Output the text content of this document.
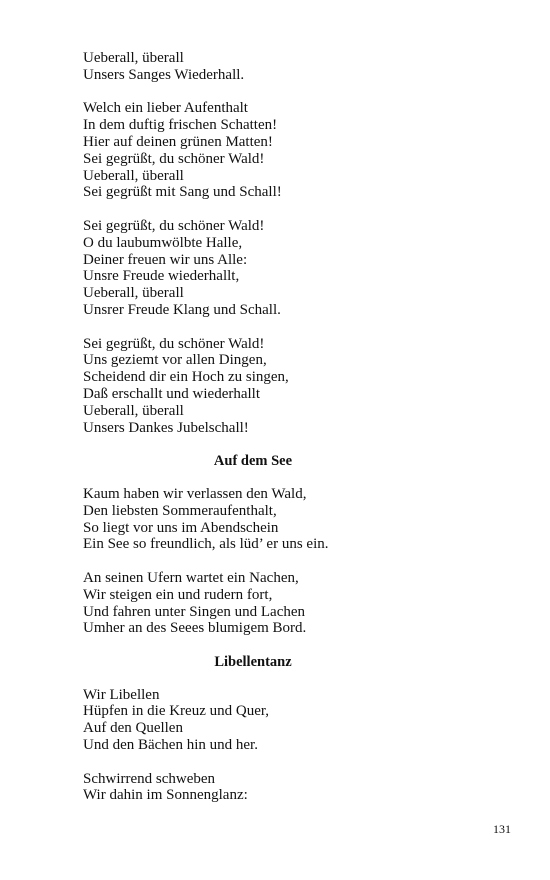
Ueberall, überall
Unsers Sanges Wiederhall.
Welch ein lieber Aufenthalt
In dem duftig frischen Schatten!
Hier auf deinen grünen Matten!
Sei gegrüßt, du schöner Wald!
Ueberall, überall
Sei gegrüßt mit Sang und Schall!
Sei gegrüßt, du schöner Wald!
O du laubumwölbte Halle,
Deiner freuen wir uns Alle:
Unsre Freude wiederhallt,
Ueberall, überall
Unsrer Freude Klang und Schall.
Sei gegrüßt, du schöner Wald!
Uns geziemt vor allen Dingen,
Scheidend dir ein Hoch zu singen,
Daß erschallt und wiederhallt
Ueberall, überall
Unsers Dankes Jubelschall!
Auf dem See
Kaum haben wir verlassen den Wald,
Den liebsten Sommeraufenthalt,
So liegt vor uns im Abendschein
Ein See so freundlich, als lüd’ er uns ein.
An seinen Ufern wartet ein Nachen,
Wir steigen ein und rudern fort,
Und fahren unter Singen und Lachen
Umher an des Seees blumigem Bord.
Libellentanz
Wir Libellen
Hüpfen in die Kreuz und Quer,
Auf den Quellen
Und den Bächen hin und her.
Schwirrend schweben
Wir dahin im Sonnenglanz:
131
